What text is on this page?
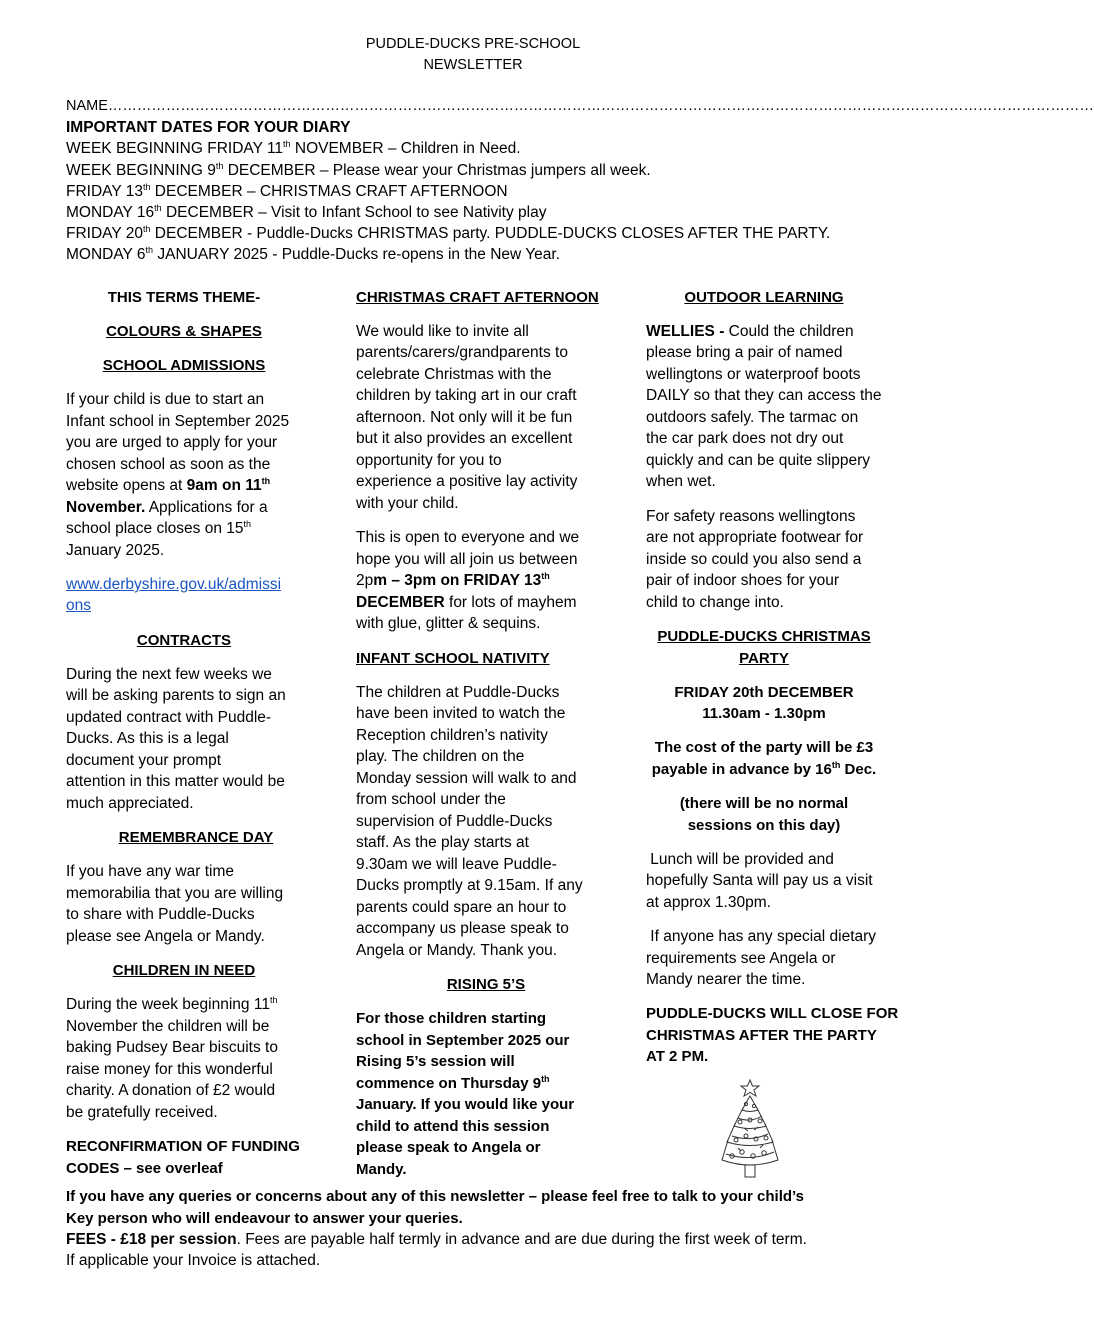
PUDDLE-DUCKS PRE-SCHOOL
NEWSLETTER
NAME……………………………………………………………………………………………………………………………………………………………………………………
IMPORTANT DATES FOR YOUR DIARY
WEEK BEGINNING FRIDAY 11th NOVEMBER – Children in Need.
WEEK BEGINNING 9th DECEMBER – Please wear your Christmas jumpers all week.
FRIDAY 13th DECEMBER – CHRISTMAS CRAFT AFTERNOON
MONDAY 16th DECEMBER – Visit to Infant School to see Nativity play
FRIDAY 20th DECEMBER - Puddle-Ducks CHRISTMAS party. PUDDLE-DUCKS CLOSES AFTER THE PARTY.
MONDAY 6th JANUARY 2025 - Puddle-Ducks re-opens in the New Year.
THIS TERMS THEME-
COLOURS & SHAPES
SCHOOL ADMISSIONS
If your child is due to start an
Infant school in September 2025
you are urged to apply for your
chosen school as soon as the
website opens at 9am on 11th
November. Applications for a
school place closes on 15th
January 2025.
www.derbyshire.gov.uk/admissi
ons
CONTRACTS
During the next few weeks we
will be asking parents to sign an
updated contract with Puddle-
Ducks. As this is a legal
document your prompt
attention in this matter would be
much appreciated.
REMEMBRANCE DAY
If you have any war time
memorabilia that you are willing
to share with Puddle-Ducks
please see Angela or Mandy.
CHILDREN IN NEED
During the week beginning 11th
November the children will be
baking Pudsey Bear biscuits to
raise money for this wonderful
charity. A donation of £2 would
be gratefully received.
RECONFIRMATION OF FUNDING
CODES – see overleaf
CHRISTMAS CRAFT AFTERNOON
We would like to invite all
parents/carers/grandparents to
celebrate Christmas with the
children by taking art in our craft
afternoon. Not only will it be fun
but it also provides an excellent
opportunity for you to
experience a positive lay activity
with your child.
This is open to everyone and we
hope you will all join us between
2pm – 3pm on FRIDAY 13th
DECEMBER for lots of mayhem
with glue, glitter & sequins.
INFANT SCHOOL NATIVITY
The children at Puddle-Ducks
have been invited to watch the
Reception children’s nativity
play. The children on the
Monday session will walk to and
from school under the
supervision of Puddle-Ducks
staff. As the play starts at
9.30am we will leave Puddle-
Ducks promptly at 9.15am. If any
parents could spare an hour to
accompany us please speak to
Angela or Mandy. Thank you.
RISING 5’S
For those children starting
school in September 2025 our
Rising 5’s session will
commence on Thursday 9th
January. If you would like your
child to attend this session
please speak to Angela or
Mandy.
OUTDOOR LEARNING
WELLIES - Could the children
please bring a pair of named
wellingtons or waterproof boots
DAILY so that they can access the
outdoors safely. The tarmac on
the car park does not dry out
quickly and can be quite slippery
when wet.
For safety reasons wellingtons
are not appropriate footwear for
inside so could you also send a
pair of indoor shoes for your
child to change into.
PUDDLE-DUCKS CHRISTMAS
PARTY
FRIDAY 20th DECEMBER
11.30am - 1.30pm
The cost of the party will be £3
payable in advance by 16th Dec.
(there will be no normal
sessions on this day)
Lunch will be provided and
hopefully Santa will pay us a visit
at approx 1.30pm.
If anyone has any special dietary
requirements see Angela or
Mandy nearer the time.
PUDDLE-DUCKS WILL CLOSE FOR
CHRISTMAS AFTER THE PARTY
AT 2 PM.
If you have any queries or concerns about any of this newsletter – please feel free to talk to your child’s
Key person who will endeavour to answer your queries.
FEES - £18 per session. Fees are payable half termly in advance and are due during the first week of term.
If applicable your Invoice is attached.
